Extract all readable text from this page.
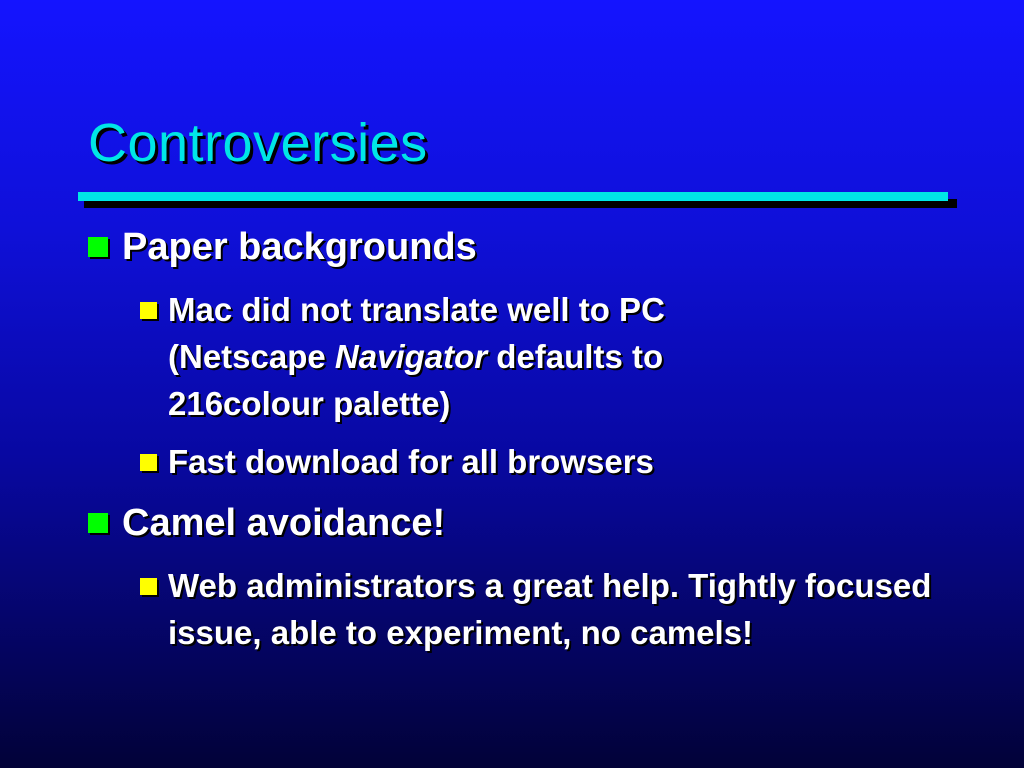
Controversies
Paper backgrounds
Mac did not translate well to PC (Netscape Navigator defaults to 216colour palette)
Fast download for all browsers
Camel avoidance!
Web administrators a great help. Tightly focused issue, able to experiment, no camels!
